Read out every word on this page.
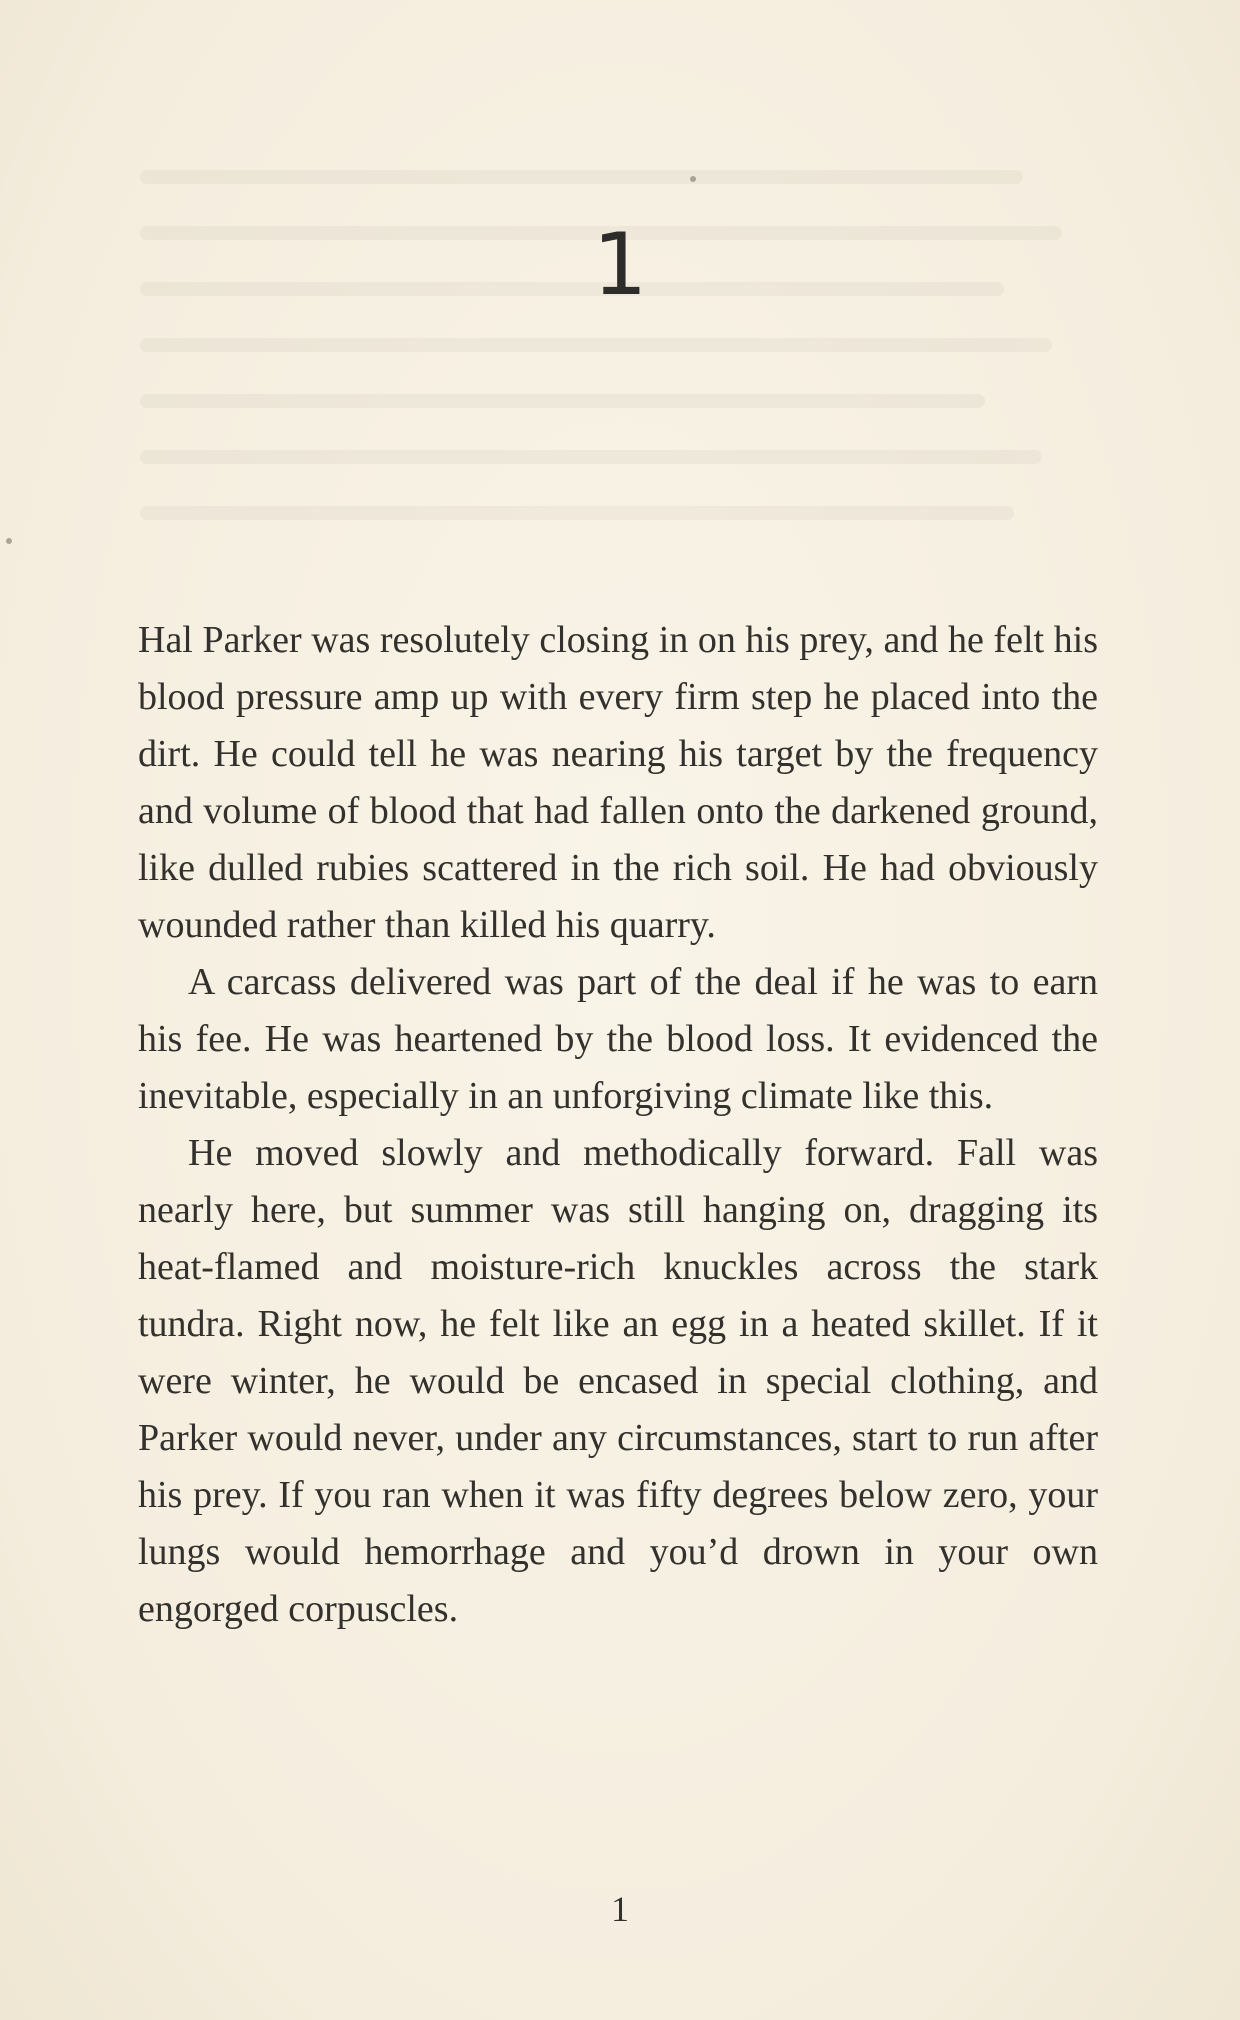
1

Hal Parker was resolutely closing in on his prey, and he felt his blood pressure amp up with every firm step he placed into the dirt. He could tell he was nearing his target by the frequency and volume of blood that had fallen onto the darkened ground, like dulled rubies scattered in the rich soil. He had obviously wounded rather than killed his quarry.

A carcass delivered was part of the deal if he was to earn his fee. He was heartened by the blood loss. It evidenced the inevitable, especially in an unforgiving climate like this.

He moved slowly and methodically forward. Fall was nearly here, but summer was still hanging on, dragging its heat-flamed and moisture-rich knuckles across the stark tundra. Right now, he felt like an egg in a heated skillet. If it were winter, he would be encased in special clothing, and Parker would never, under any circumstances, start to run after his prey. If you ran when it was fifty degrees below zero, your lungs would hemorrhage and you’d drown in your own engorged corpuscles.

1
